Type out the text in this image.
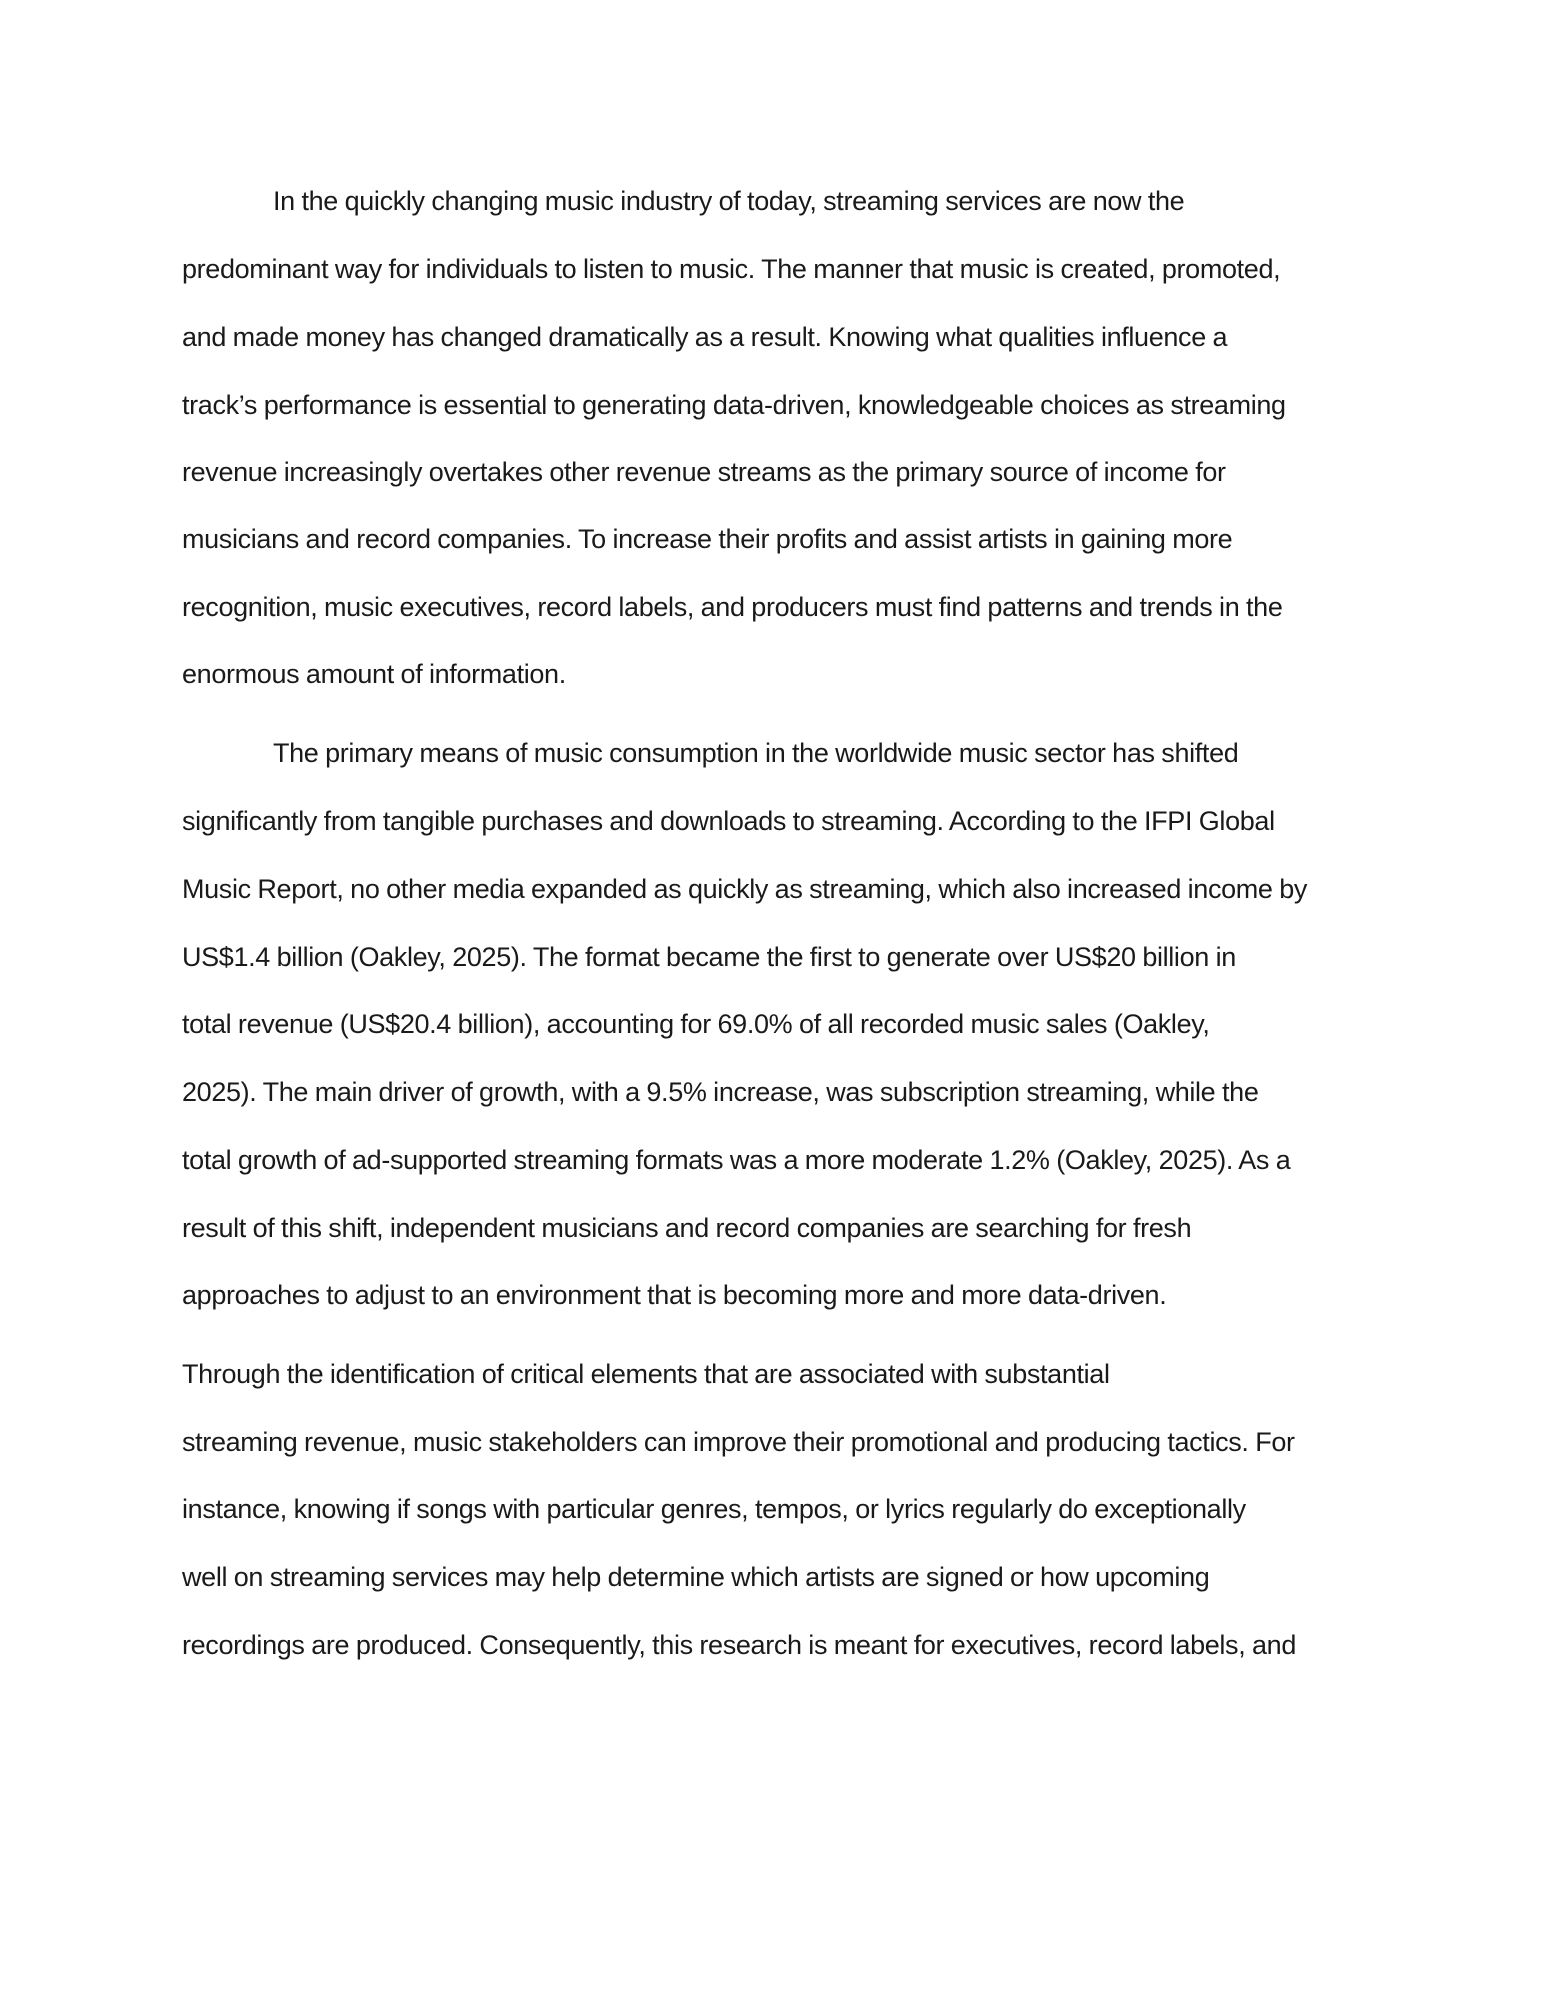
In the quickly changing music industry of today, streaming services are now the
predominant way for individuals to listen to music. The manner that music is created, promoted,
and made money has changed dramatically as a result. Knowing what qualities influence a
track’s performance is essential to generating data-driven, knowledgeable choices as streaming
revenue increasingly overtakes other revenue streams as the primary source of income for
musicians and record companies. To increase their profits and assist artists in gaining more
recognition, music executives, record labels, and producers must find patterns and trends in the
enormous amount of information.
The primary means of music consumption in the worldwide music sector has shifted
significantly from tangible purchases and downloads to streaming. According to the IFPI Global
Music Report, no other media expanded as quickly as streaming, which also increased income by
US$1.4 billion (Oakley, 2025). The format became the first to generate over US$20 billion in
total revenue (US$20.4 billion), accounting for 69.0% of all recorded music sales (Oakley,
2025). The main driver of growth, with a 9.5% increase, was subscription streaming, while the
total growth of ad-supported streaming formats was a more moderate 1.2% (Oakley, 2025). As a
result of this shift, independent musicians and record companies are searching for fresh
approaches to adjust to an environment that is becoming more and more data-driven.
Through the identification of critical elements that are associated with substantial
streaming revenue, music stakeholders can improve their promotional and producing tactics. For
instance, knowing if songs with particular genres, tempos, or lyrics regularly do exceptionally
well on streaming services may help determine which artists are signed or how upcoming
recordings are produced. Consequently, this research is meant for executives, record labels, and
